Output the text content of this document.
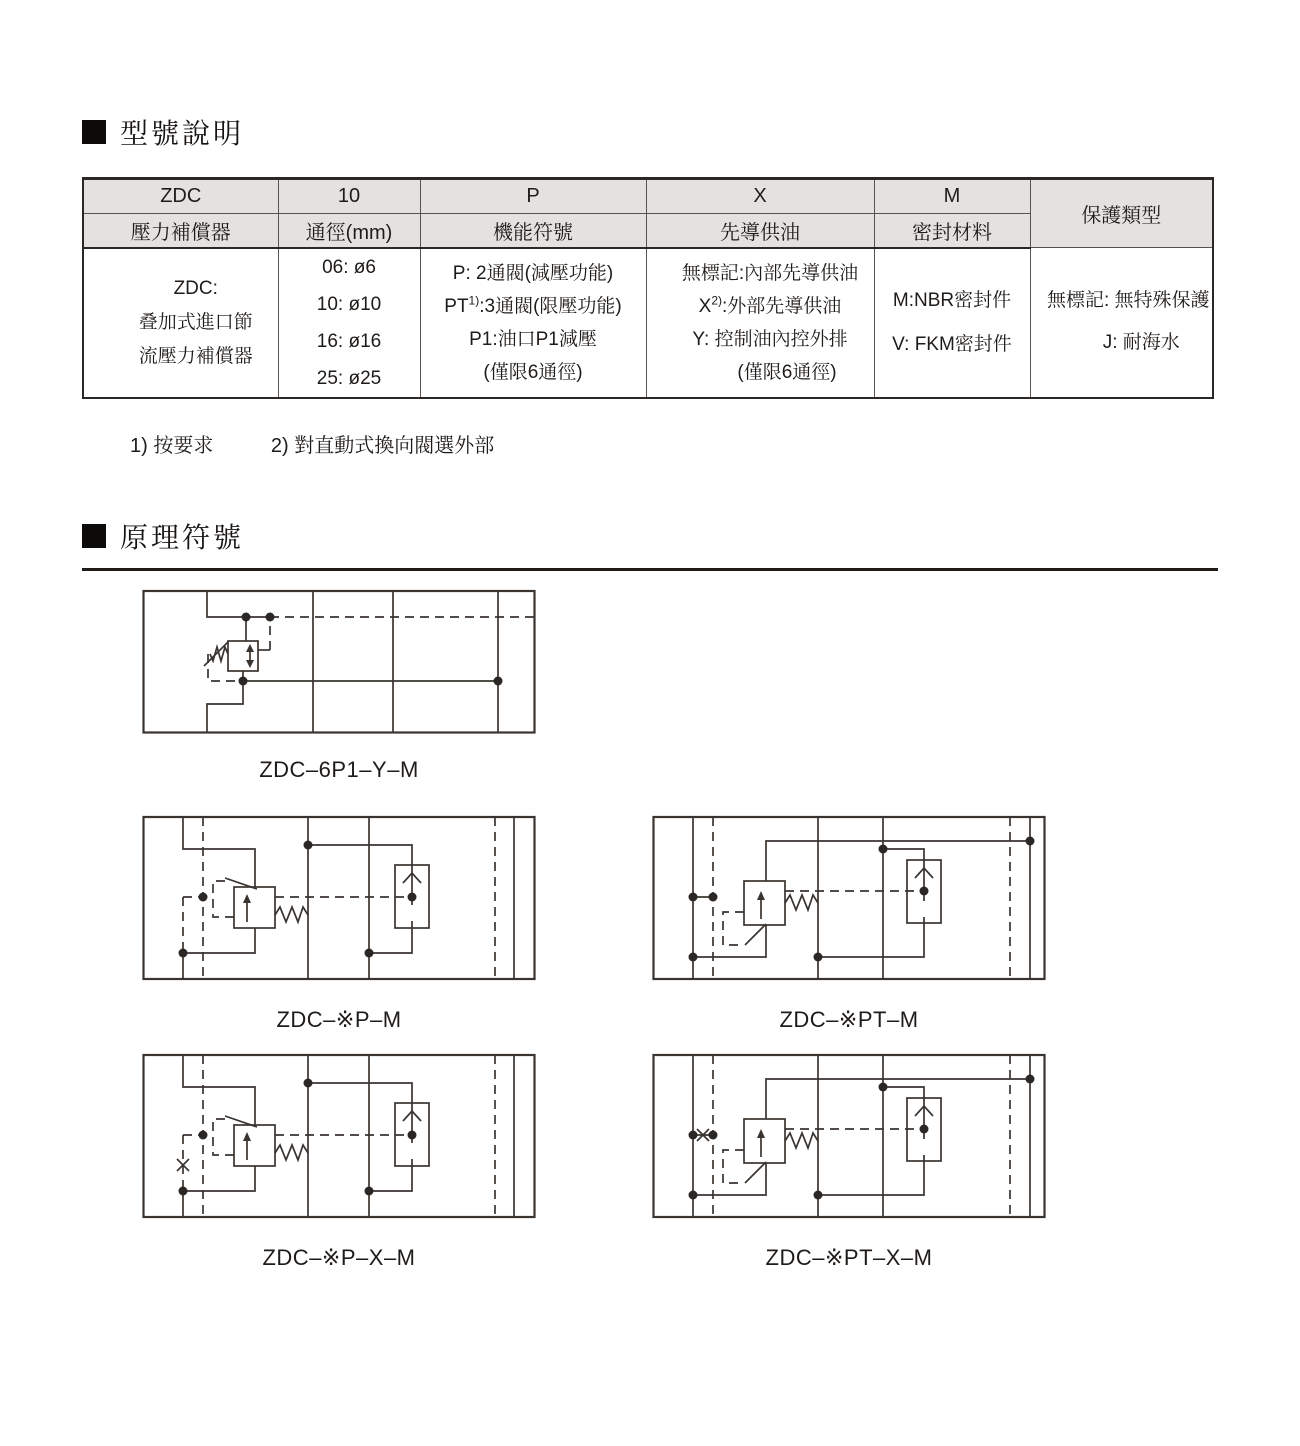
型號說明
ZDC	10	P	X	M	保護類型
壓力補償器	通徑(mm)	機能符號	先導供油	密封材料	

ZDC:
叠加式進口節
流壓力補償器

06: ø6
10: ø10
16: ø16
25: ø25

P: 2通閥(減壓功能)
PT$^{1)}$:3通閥(限壓功能)
P1:油口P1減壓
(僅限6通徑)

無標記:內部先導供油
X$^{2)}$:外部先導供油
Y: 控制油內控外排
(僅限6通徑)

M:NBR密封件
V: FKM密封件

無標記: 無特殊保護
J: 耐海水
1) 按要求	2) 對直動式換向閥選外部
原理符號
ZDC–6P1–Y–M
ZDC–※P–M	ZDC–※PT–M
ZDC–※P–X–M	ZDC–※PT–X–M
